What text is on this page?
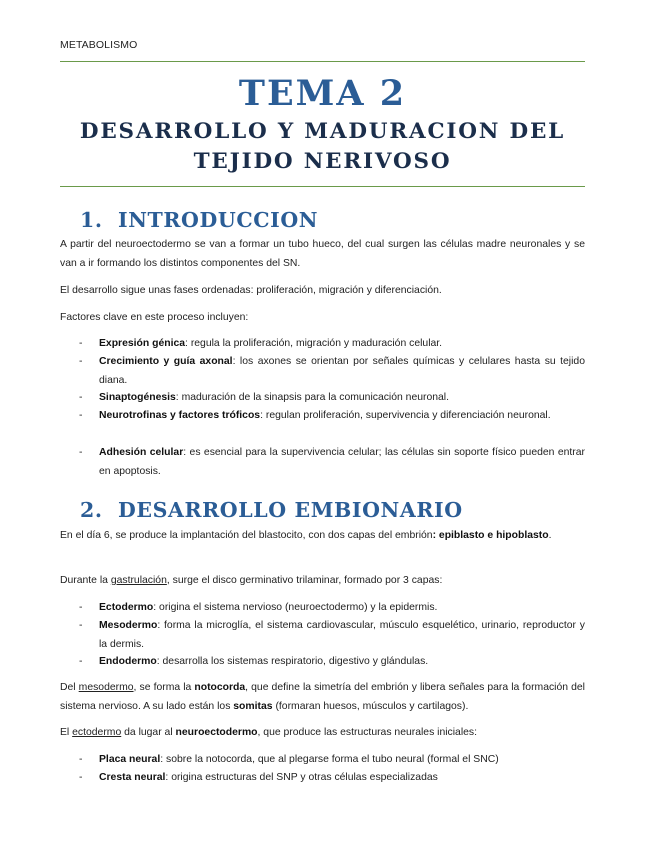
METABOLISMO
TEMA 2
DESARROLLO Y MADURACION DEL
TEJIDO NERIVOSO
1. INTRODUCCION
A partir del neuroectodermo se van a formar un tubo hueco, del cual surgen las células madre neuronales y se van a ir formando los distintos componentes del SN.
El desarrollo sigue unas fases ordenadas: proliferación, migración y diferenciación.
Factores clave en este proceso incluyen:
- Expresión génica: regula la proliferación, migración y maduración celular.
- Crecimiento y guía axonal: los axones se orientan por señales químicas y celulares hasta su tejido diana.
- Sinaptogénesis: maduración de la sinapsis para la comunicación neuronal.
- Neurotrofinas y factores tróficos: regulan proliferación, supervivencia y diferenciación neuronal.
- Adhesión celular: es esencial para la supervivencia celular; las células sin soporte físico pueden entrar en apoptosis.
2. DESARROLLO EMBIONARIO
En el día 6, se produce la implantación del blastocito, con dos capas del embrión: epiblasto e hipoblasto.
Durante la gastrulación, surge el disco germinativo trilaminar, formado por 3 capas:
- Ectodermo: origina el sistema nervioso (neuroectodermo) y la epidermis.
- Mesodermo: forma la microglía, el sistema cardiovascular, músculo esquelético, urinario, reproductor y la dermis.
- Endodermo: desarrolla los sistemas respiratorio, digestivo y glándulas.
Del mesodermo, se forma la notocorda, que define la simetría del embrión y libera señales para la formación del sistema nervioso. A su lado están los somitas (formaran huesos, músculos y cartilagos).
El ectodermo da lugar al neuroectodermo, que produce las estructuras neurales iniciales:
- Placa neural: sobre la notocorda, que al plegarse forma el tubo neural (formal el SNC)
- Cresta neural: origina estructuras del SNP y otras células especializadas
